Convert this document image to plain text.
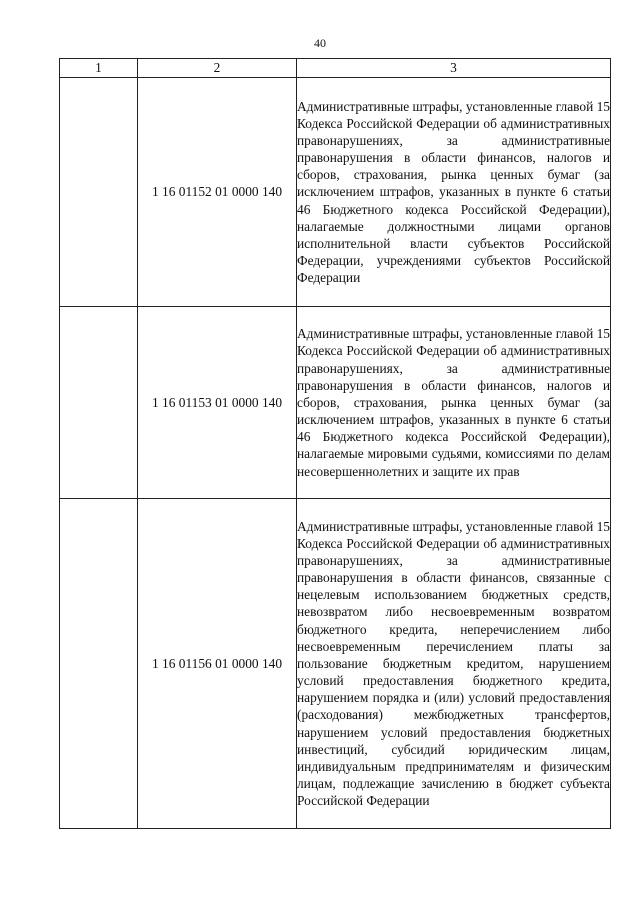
40
1	2	3
	1 16 01152 01 0000 140	Административные штрафы, установленные главой 15 Кодекса Российской Федерации об административных правонарушениях, за административные правонарушения в области финансов, налогов и сборов, страхования, рынка ценных бумаг (за исключением штрафов, указанных в пункте 6 статьи 46 Бюджетного кодекса Российской Федерации), налагаемые должностными лицами органов исполнительной власти субъектов Российской Федерации, учреждениями субъектов Российской Федерации
	1 16 01153 01 0000 140	Административные штрафы, установленные главой 15 Кодекса Российской Федерации об административных правонарушениях, за административные правонарушения в области финансов, налогов и сборов, страхования, рынка ценных бумаг (за исключением штрафов, указанных в пункте 6 статьи 46 Бюджетного кодекса Российской Федерации), налагаемые мировыми судьями, комиссиями по делам несовершеннолетних и защите их прав
	1 16 01156 01 0000 140	Административные штрафы, установленные главой 15 Кодекса Российской Федерации об административных правонарушениях, за административные правонарушения в области финансов, связанные с нецелевым использованием бюджетных средств, невозвратом либо несвоевременным возвратом бюджетного кредита, неперечислением либо несвоевременным перечислением платы за пользование бюджетным кредитом, нарушением условий предоставления бюджетного кредита, нарушением порядка и (или) условий предоставления (расходования) межбюджетных трансфертов, нарушением условий предоставления бюджетных инвестиций, субсидий юридическим лицам, индивидуальным предпринимателям и физическим лицам, подлежащие зачислению в бюджет субъекта Российской Федерации
